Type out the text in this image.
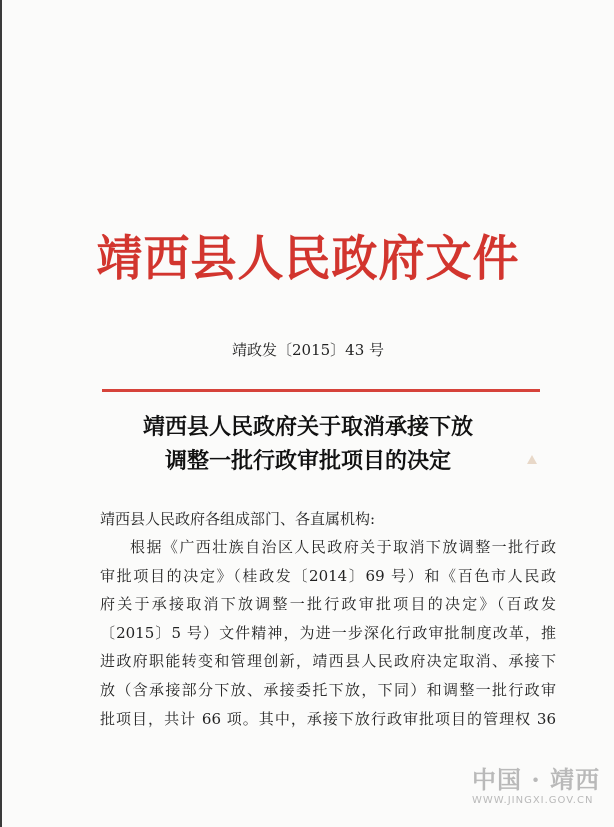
靖西县人民政府文件
靖政发〔2015〕43 号
靖西县人民政府关于取消承接下放
调整一批行政审批项目的决定
靖西县人民政府各组成部门、各直属机构:
根据《广西壮族自治区人民政府关于取消下放调整一批行政
审批项目的决定》（桂政发〔2014〕69 号）和《百色市人民政
府关于承接取消下放调整一批行政审批项目的决定》（百政发
〔2015〕5 号）文件精神，为进一步深化行政审批制度改革，推
进政府职能转变和管理创新，靖西县人民政府决定取消、承接下
放（含承接部分下放、承接委托下放，下同）和调整一批行政审
批项目，共计 66 项。其中，承接下放行政审批项目的管理权 36
中国 · 靖西
WWW.JINGXI.GOV.CN
